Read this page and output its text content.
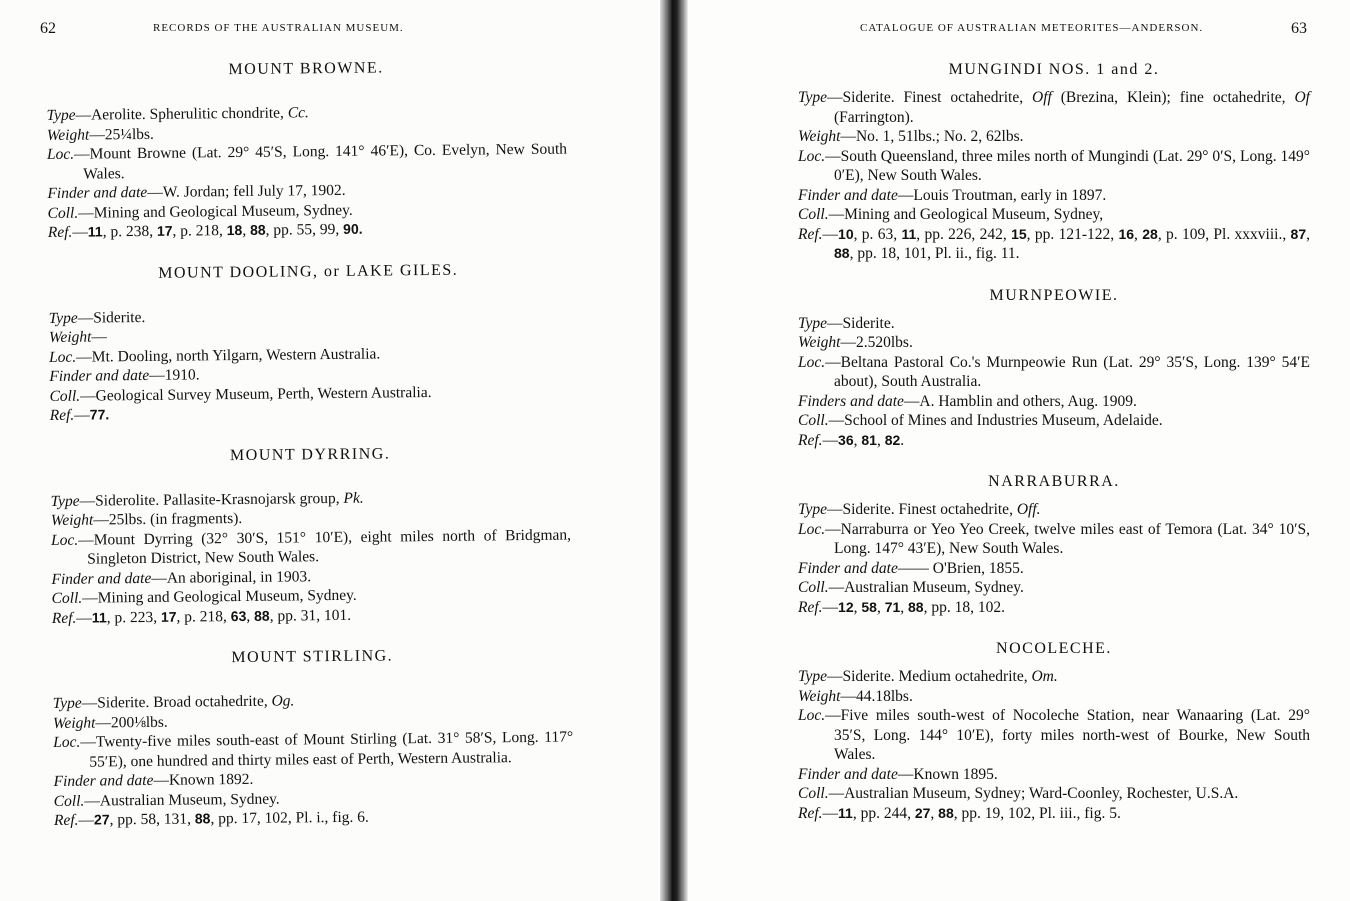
62	RECORDS OF THE AUSTRALIAN MUSEUM.
MOUNT BROWNE.
Type—Aerolite. Spherulitic chondrite, Cc.
Weight—25¼lbs.
Loc.—Mount Browne (Lat. 29° 45′S, Long. 141° 46′E), Co. Evelyn, New South Wales.
Finder and date—W. Jordan; fell July 17, 1902.
Coll.—Mining and Geological Museum, Sydney.
Ref.—11, p. 238, 17, p. 218, 18, 88, pp. 55, 99, 90.
MOUNT DOOLING, or LAKE GILES.
Type—Siderite.
Weight—
Loc.—Mt. Dooling, north Yilgarn, Western Australia.
Finder and date—1910.
Coll.—Geological Survey Museum, Perth, Western Australia.
Ref.—77.
MOUNT DYRRING.
Type—Siderolite. Pallasite-Krasnojarsk group, Pk.
Weight—25lbs. (in fragments).
Loc.—Mount Dyrring (32° 30′S, 151° 10′E), eight miles north of Bridgman, Singleton District, New South Wales.
Finder and date—An aboriginal, in 1903.
Coll.—Mining and Geological Museum, Sydney.
Ref.—11, p. 223, 17, p. 218, 63, 88, pp. 31, 101.
MOUNT STIRLING.
Type—Siderite. Broad octahedrite, Og.
Weight—200⅛lbs.
Loc.—Twenty-five miles south-east of Mount Stirling (Lat. 31° 58′S, Long. 117° 55′E), one hundred and thirty miles east of Perth, Western Australia.
Finder and date—Known 1892.
Coll.—Australian Museum, Sydney.
Ref.—27, pp. 58, 131, 88, pp. 17, 102, Pl. i., fig. 6.
CATALOGUE OF AUSTRALIAN METEORITES—ANDERSON.	63
MUNGINDI NOS. 1 and 2.
Type—Siderite. Finest octahedrite, Off (Brezina, Klein); fine octahedrite, Of (Farrington).
Weight—No. 1, 51lbs.; No. 2, 62lbs.
Loc.—South Queensland, three miles north of Mungindi (Lat. 29° 0′S, Long. 149° 0′E), New South Wales.
Finder and date—Louis Troutman, early in 1897.
Coll.—Mining and Geological Museum, Sydney,
Ref.—10, p. 63, 11, pp. 226, 242, 15, pp. 121-122, 16, 28, p. 109, Pl. xxxviii., 87, 88, pp. 18, 101, Pl. ii., fig. 11.
MURNPEOWIE.
Type—Siderite.
Weight—2.520lbs.
Loc.—Beltana Pastoral Co.'s Murnpeowie Run (Lat. 29° 35′S, Long. 139° 54′E about), South Australia.
Finders and date—A. Hamblin and others, Aug. 1909.
Coll.—School of Mines and Industries Museum, Adelaide.
Ref.—36, 81, 82.
NARRABURRA.
Type—Siderite. Finest octahedrite, Off.
Loc.—Narraburra or Yeo Yeo Creek, twelve miles east of Temora (Lat. 34° 10′S, Long. 147° 43′E), New South Wales.
Finder and date—— O'Brien, 1855.
Coll.—Australian Museum, Sydney.
Ref.—12, 58, 71, 88, pp. 18, 102.
NOCOLECHE.
Type—Siderite. Medium octahedrite, Om.
Weight—44.18lbs.
Loc.—Five miles south-west of Nocoleche Station, near Wanaaring (Lat. 29° 35′S, Long. 144° 10′E), forty miles north-west of Bourke, New South Wales.
Finder and date—Known 1895.
Coll.—Australian Museum, Sydney; Ward-Coonley, Rochester, U.S.A.
Ref.—11, pp. 244, 27, 88, pp. 19, 102, Pl. iii., fig. 5.
